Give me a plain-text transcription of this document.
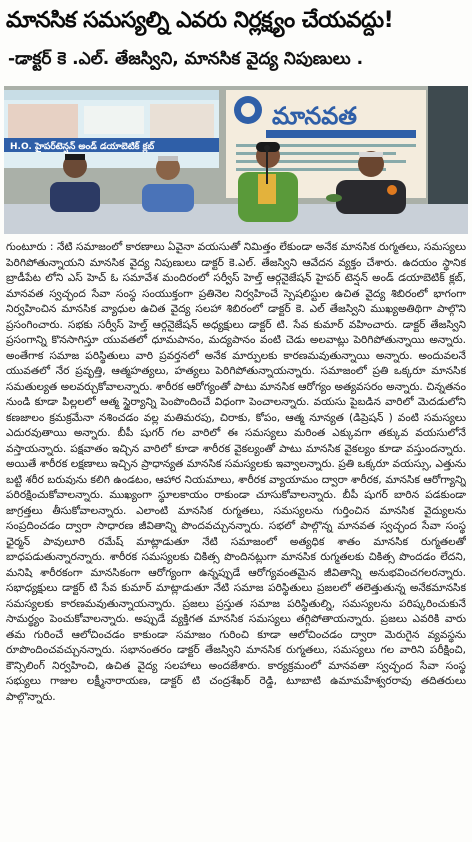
మానసిక సమస్యల్ని ఎవరు నిర్లక్ష్యం చేయవద్దు!
-డాక్టర్ కె .ఎల్. తేజస్విని, మానసిక వైద్య నిపుణులు .
H.O. హైపర్‌టెన్షన్ అండ్ డయాబెటిక్ క్లబ్
మానవత

గుంటూరు : నేటి సమాజంలో కారణాలు ఏవైనా వయసుతో నిమిత్తం లేకుండా అనేక మానసిక రుగ్మతలు, సమస్యలు పెరిగిపోతున్నాయని మానసిక వైద్య నిపుణులు డాక్టర్ కె.ఎల్. తేజస్విని ఆవేదన వ్యక్తం చేశారు. ఉదయం స్థానిక బ్రాడీపేట లోని ఎస్ హెచ్ ఓ సమావేశ మందిరంలో సర్వీస్ హెల్త్ ఆర్గనైజేషన్ హైపర్ టెన్షన్ అండ్ డయాబెటిక్ క్లబ్, మానవత స్వచ్ఛంద సేవా సంస్థ సంయుక్తంగా ప్రతినెల నిర్వహించే స్పెషలిస్టుల ఉచిత వైద్య శిబిరంలో భాగంగా నిర్వహించిన మానసిక వ్యాధుల ఉచిత వైద్య సలహా శిబిరంలో డాక్టర్ కె. ఎల్ తేజస్విని ముఖ్యఅతిథిగా పాల్గొని ప్రసంగించారు. సభకు సర్వీస్ హెల్త్ ఆర్గనైజేషన్ అధ్యక్షులు డాక్టర్ టి. సేవ కుమార్ వహించారు. డాక్టర్ తేజస్విని ప్రసంగాన్ని కొనసాగిస్తూ యువతలో ధూమపానం, మద్యపానం వంటి చెడు అలవాట్లు పెరిగిపోతున్నాయి అన్నారు. అంతేగాక సమాజ పరిస్థితులు వారి ప్రవర్తనలో అనేక మార్పులకు కారణమవుతున్నాయి అన్నారు. అందువలనే యువతలో నేర ప్రవృత్తి, ఆత్మహత్యలు, హత్యలు పెరిగిపోతున్నాయన్నారు. సమాజంలో ప్రతి ఒక్కరూ మానసిక సమతుల్యత అలవర్చుకోవాలన్నారు. శారీరక ఆరోగ్యంతో పాటు మానసిక ఆరోగ్యం అత్యవసరం అన్నారు. చిన్నతనం నుండి కూడా పిల్లలలో ఆత్మ స్థైర్యాన్ని పెంపొందించే విధంగా పెంచాలన్నారు. వయసు పైబడిన వారిలో మెదడులోని కణజాలం క్రమక్రమేనా నశించడం వల్ల మతిమరపు, చిరాకు, కోపం, ఆత్మ నూన్యత (డిప్రెషన్ ) వంటి సమస్యలు ఎదురవుతాయి అన్నారు. బీపీ షుగర్ గల వారిలో ఈ సమస్యలు మరింత ఎక్కువగా తక్కువ వయసులోనే వస్తాయన్నారు. పక్షవాతం ఇచ్చిన వారిలో కూడా శారీరక వైకల్యంతో పాటు మానసిక వైకల్యం కూడా వస్తుందన్నారు. అయితే శారీరక లక్షణాలు ఇచ్చిన ప్రాధాన్యత మానసిక సమస్యలకు ఇవ్వాలన్నారు. ప్రతి ఒక్కరూ వయస్సు, ఎత్తును బట్టి శరీర బరువును కలిగి ఉండటం, ఆహార నియమాలు, శారీరక వ్యాయామం ద్వారా శారీరక, మానసిక ఆరోగ్యాన్ని పరిరక్షించుకోవాలన్నారు. ముఖ్యంగా స్థూలకాయం రాకుండా చూసుకోవాలన్నారు. బీపీ షుగర్ బారిన పడకుండా జాగ్రత్తలు తీసుకోవాలన్నారు. ఎలాంటి మానసిక రుగ్మతలు, సమస్యలను గుర్తించిన మానసిక వైద్యులను సంప్రదించడం ద్వారా సాధారణ జీవితాన్ని పొందవచ్చునన్నారు. సభలో పాల్గొన్న మానవత స్వచ్ఛంద సేవా సంస్థ ఛైర్మన్ పావులూరి రమేష్ మాట్లాడుతూ నేటి సమాజంలో అత్యధిక శాతం మానసిక రుగ్మతలతో బాధపడుతున్నారన్నారు. శారీరక సమస్యలకు చికిత్స పొందినట్లుగా మానసిక రుగ్మతలకు చికిత్స పొందడం లేదని, మనిషి శారీరకంగా మానసికంగా ఆరోగ్యంగా ఉన్నప్పుడే ఆరోగ్యవంతమైన జీవితాన్ని అనుభవించగలరన్నారు. సభాధ్యక్షులు డాక్టర్ టి సేవ కుమార్ మాట్లాడుతూ నేటి సమాజ పరిస్థితులు ప్రజలలో తలెత్తుతున్న అనేకమానసిక సమస్యలకు కారణమవుతున్నాయన్నారు. ప్రజలు ప్రస్తుత సమాజ పరిస్థితుల్ని, సమస్యలను పరిష్కరించుకునే సామర్థ్యం పెంచుకోవాలన్నారు. అప్పుడే వ్యక్తిగత మానసిక సమస్యలు తగ్గిపోతాయన్నారు. ప్రజలు ఎవరికి వారు తమ గురించే ఆలోచించడం కాకుండా సమాజం గురించి కూడా ఆలోచించడం ద్వారా మెరుగైన వ్యవస్థను రూపొందించవచ్చునన్నారు. సభానంతరం డాక్టర్ తేజస్విని మానసిక రుగ్మతలు, సమస్యలు గల వారిని పరీక్షించి, కౌన్సిలింగ్ నిర్వహించి, ఉచిత వైద్య సలహాలు అందజేశారు. కార్యక్రమంలో మానవతా స్వచ్ఛంద సేవా సంస్థ సభ్యులు గాజుల లక్ష్మీనారాయణ, డాక్టర్ టి చంద్రశేఖర్ రెడ్డి, టూబాటి ఉమామహేశ్వరరావు తదితరులు పాల్గొన్నారు.
